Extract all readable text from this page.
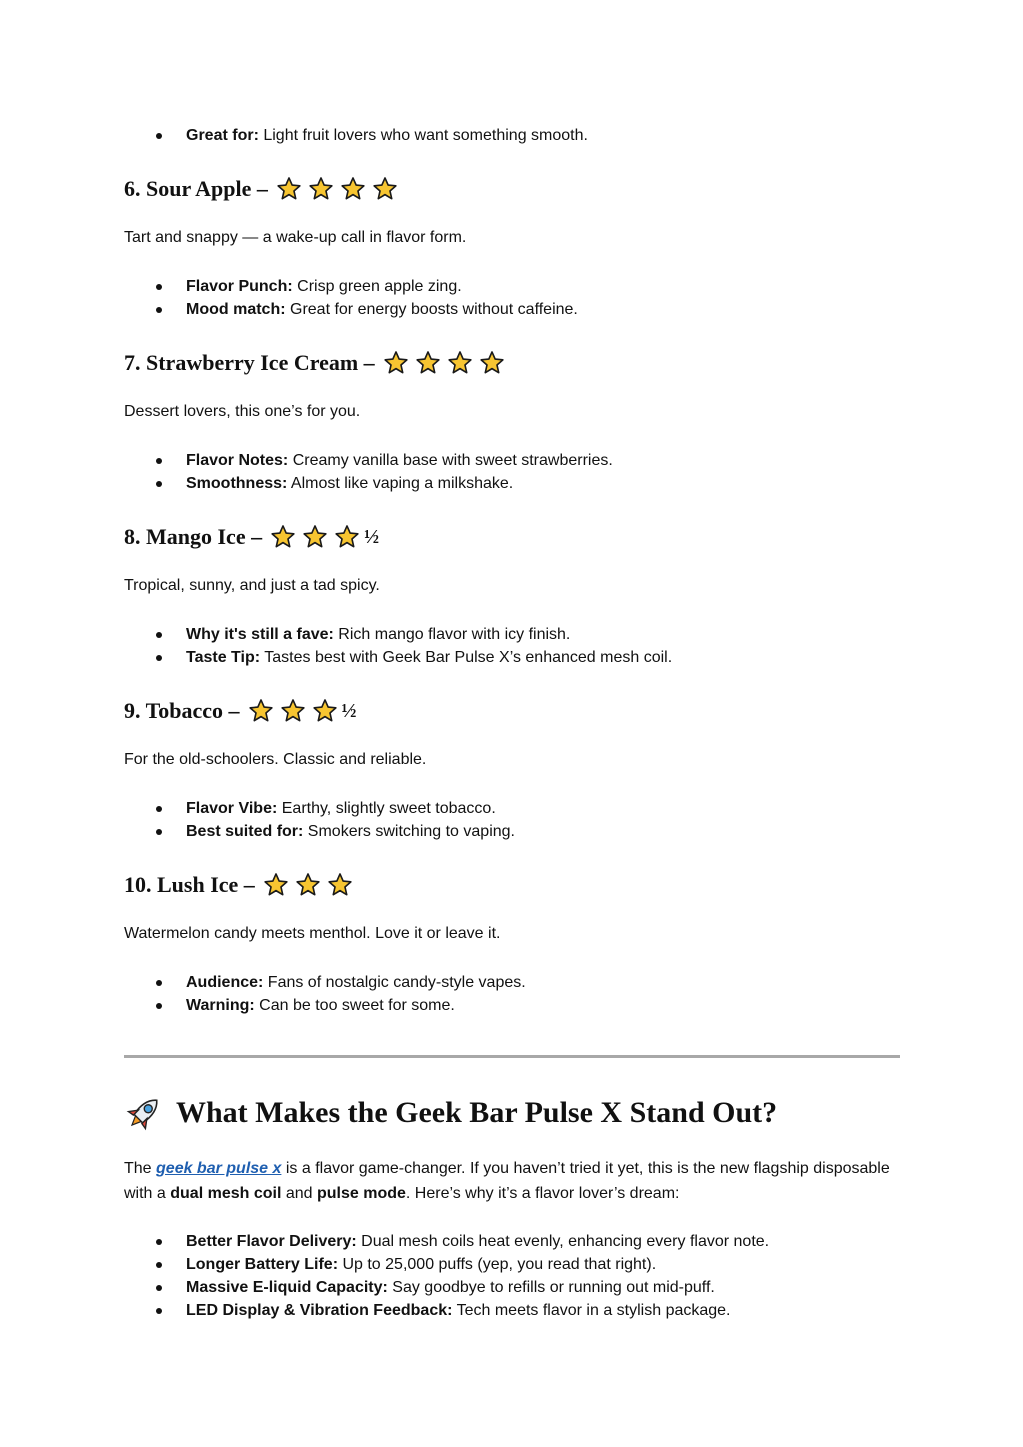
Great for: Light fruit lovers who want something smooth.
6. Sour Apple –

Tart and snappy — a wake-up call in flavor form.

Flavor Punch: Crisp green apple zing.
Mood match: Great for energy boosts without caffeine.
7. Strawberry Ice Cream –

Dessert lovers, this one’s for you.

Flavor Notes: Creamy vanilla base with sweet strawberries.
Smoothness: Almost like vaping a milkshake.
8. Mango Ice –	½

Tropical, sunny, and just a tad spicy.

Why it's still a fave: Rich mango flavor with icy finish.
Taste Tip: Tastes best with Geek Bar Pulse X’s enhanced mesh coil.
9. Tobacco –	½

For the old-schoolers. Classic and reliable.

Flavor Vibe: Earthy, slightly sweet tobacco.
Best suited for: Smokers switching to vaping.
10. Lush Ice –

Watermelon candy meets menthol. Love it or leave it.

Audience: Fans of nostalgic candy-style vapes.
Warning: Can be too sweet for some.
What Makes the Geek Bar Pulse X Stand Out?

The geek bar pulse x is a flavor game-changer. If you haven’t tried it yet, this is the new flagship disposable with a dual mesh coil and pulse mode. Here’s why it’s a flavor lover’s dream:

Better Flavor Delivery: Dual mesh coils heat evenly, enhancing every flavor note.
Longer Battery Life: Up to 25,000 puffs (yep, you read that right).
Massive E-liquid Capacity: Say goodbye to refills or running out mid-puff.
LED Display & Vibration Feedback: Tech meets flavor in a stylish package.
